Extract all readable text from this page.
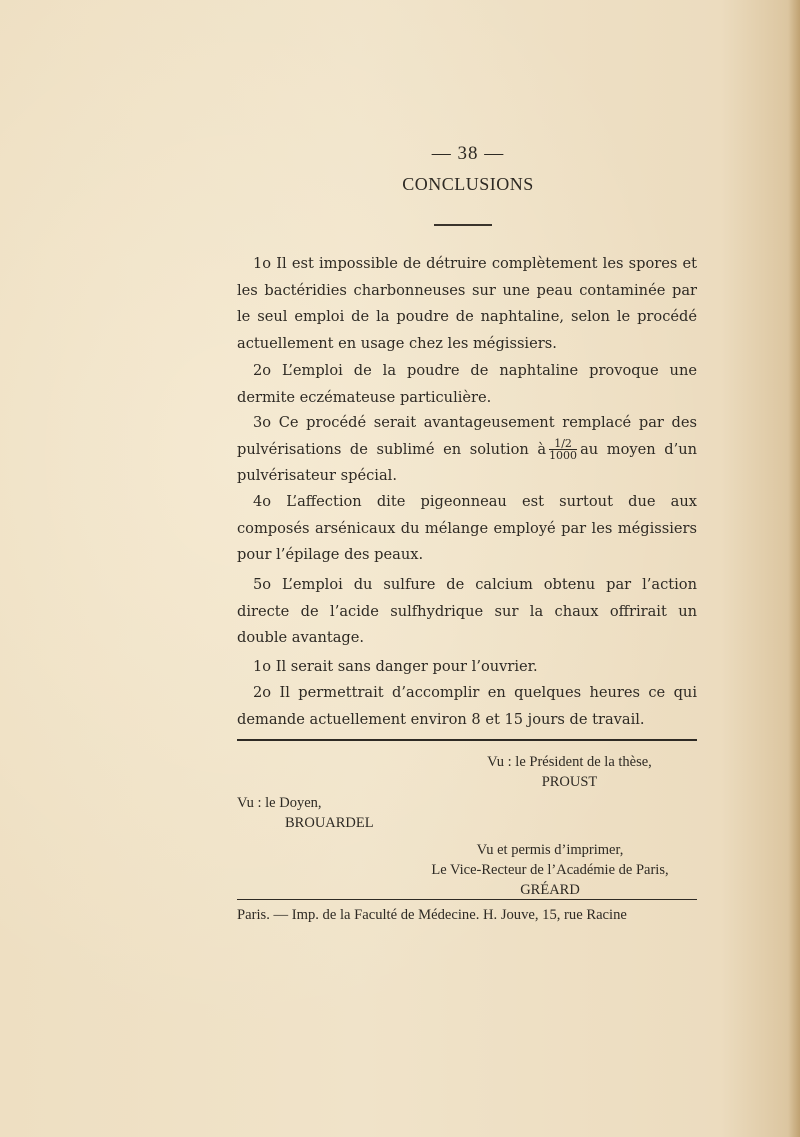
— 38 —
CONCLUSIONS

1o Il est impossible de détruire complètement les spores et les bactéridies charbonneuses sur une peau contaminée par le seul emploi de la poudre de naphtaline, selon le procédé actuellement en usage chez les mégissiers.

2o L’emploi de la poudre de naphtaline provoque une dermite eczémateuse particulière.

3o Ce procédé serait avantageusement remplacé par des pulvérisations de sublimé en solution à $\frac{1/2}{1000}$ au moyen d’un pulvérisateur spécial.

4o L’affection dite pigeonneau est surtout due aux composés arsénicaux du mélange employé par les mégissiers pour l’épilage des peaux.

5o L’emploi du sulfure de calcium obtenu par l’action directe de l’acide sulfhydrique sur la chaux offrirait un double avantage.

1o Il serait sans danger pour l’ouvrier.

2o Il permettrait d’accomplir en quelques heures ce qui demande actuellement environ 8 et 15 jours de travail.

Vu : le Président de la thèse,
PROUST
Vu : le Doyen,
BROUARDEL
Vu et permis d’imprimer,
Le Vice-Recteur de l’Académie de Paris,
GRÉARD
Paris. — Imp. de la Faculté de Médecine. H. Jouve, 15, rue Racine
